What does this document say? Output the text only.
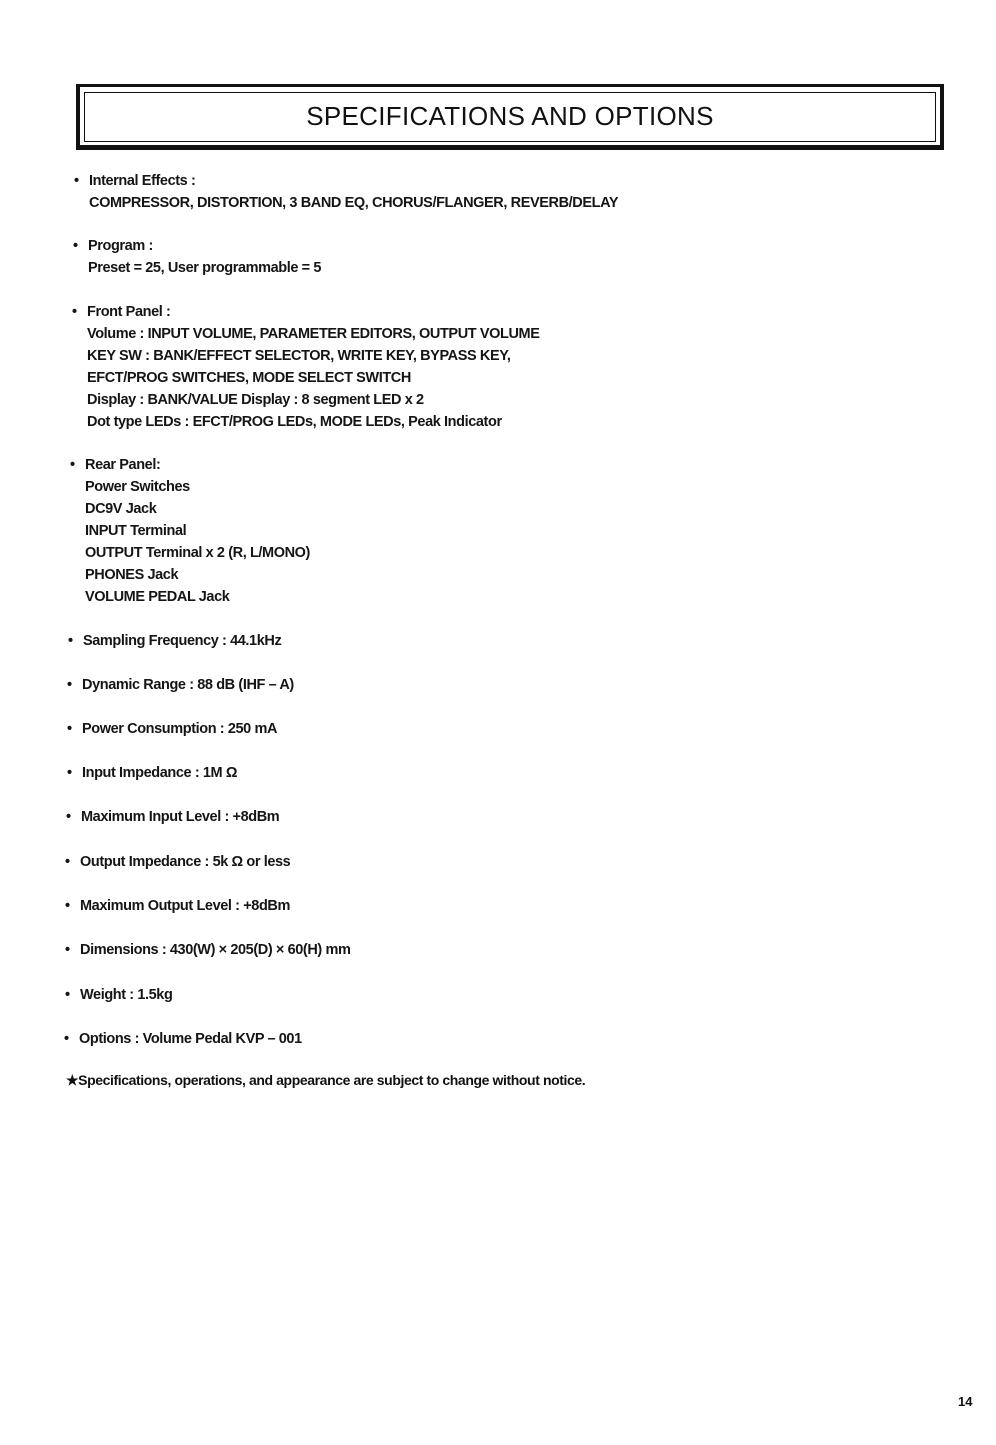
SPECIFICATIONS AND OPTIONS
• Internal Effects :
COMPRESSOR, DISTORTION, 3 BAND EQ, CHORUS/FLANGER, REVERB/DELAY
• Program :
Preset = 25, User programmable = 5
• Front Panel :
Volume : INPUT VOLUME, PARAMETER EDITORS, OUTPUT VOLUME
KEY SW : BANK/EFFECT SELECTOR, WRITE KEY, BYPASS KEY,
EFCT/PROG SWITCHES, MODE SELECT SWITCH
Display : BANK/VALUE Display : 8 segment LED x 2
Dot type LEDs : EFCT/PROG LEDs, MODE LEDs, Peak Indicator
• Rear Panel:
Power Switches
DC9V Jack
INPUT Terminal
OUTPUT Terminal x 2 (R, L/MONO)
PHONES Jack
VOLUME PEDAL Jack
• Sampling Frequency : 44.1kHz
• Dynamic Range : 88 dB (IHF – A)
• Power Consumption : 250 mA
• Input Impedance : 1M Ω
• Maximum Input Level : +8dBm
• Output Impedance : 5k Ω or less
• Maximum Output Level : +8dBm
• Dimensions : 430(W) × 205(D) × 60(H) mm
• Weight : 1.5kg
• Options : Volume Pedal KVP – 001
★Specifications, operations, and appearance are subject to change without notice.
14
